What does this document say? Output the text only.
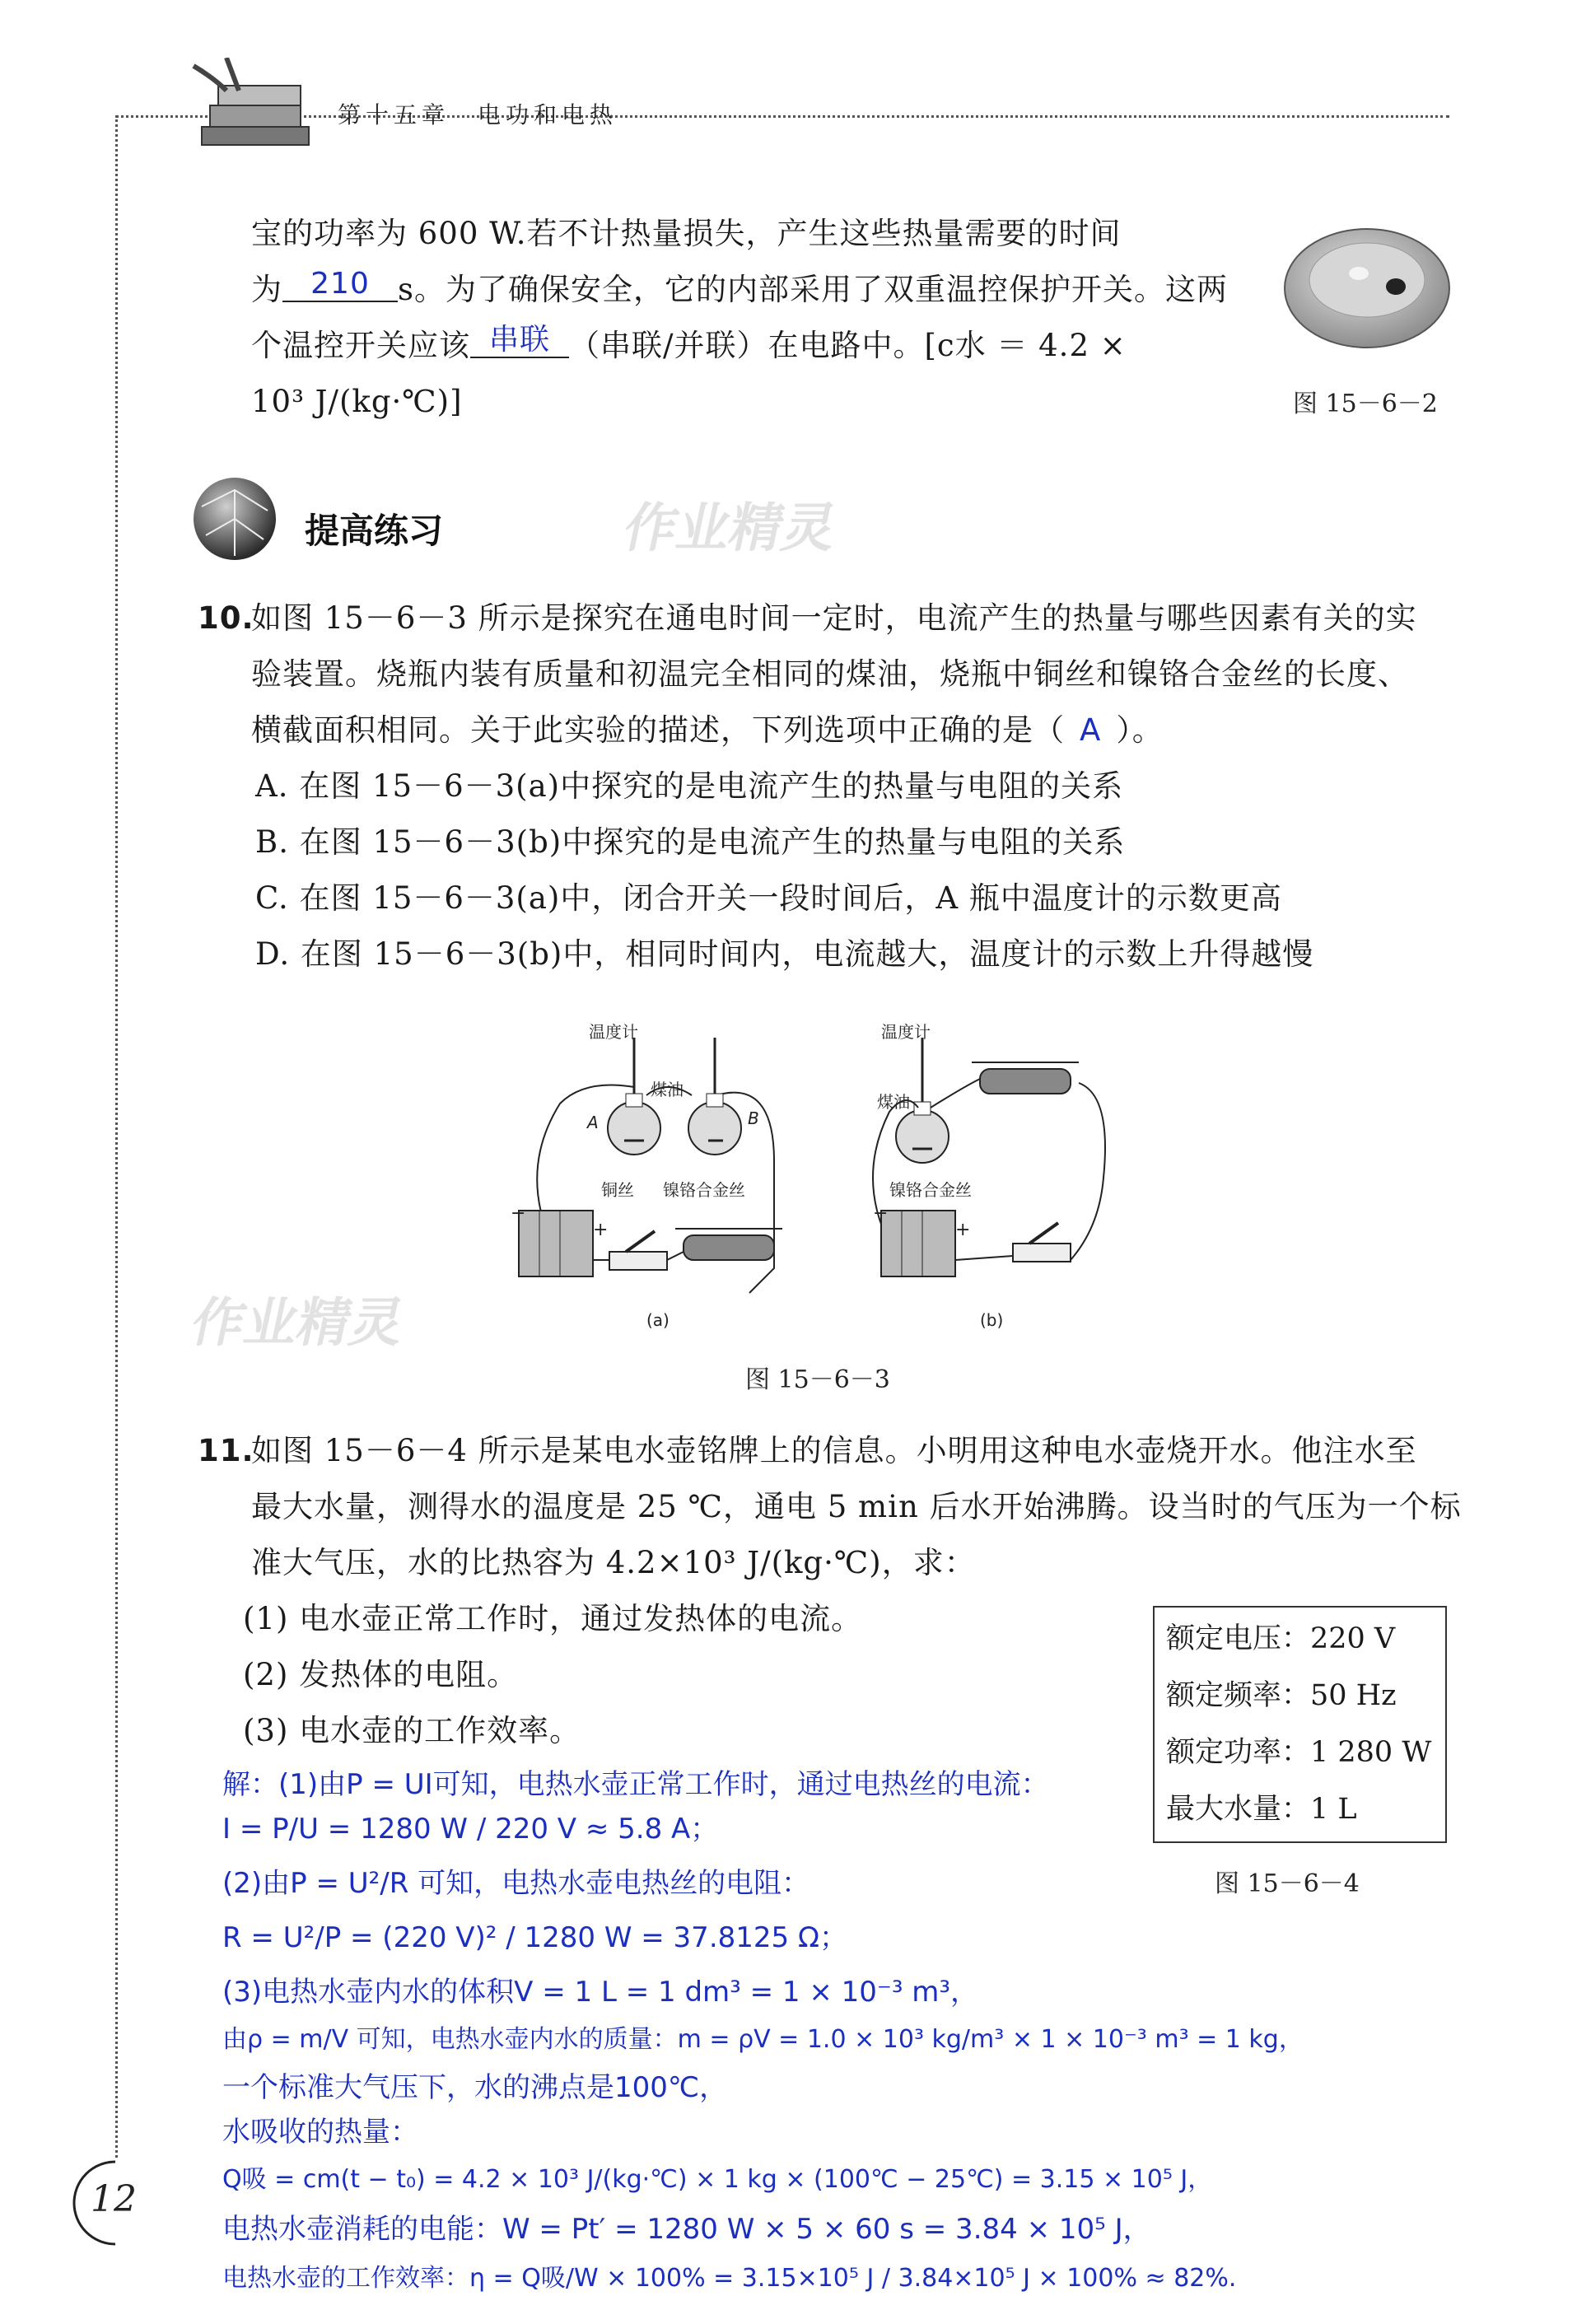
第十五章　电功和电热
宝的功率为 600 W.若不计热量损失，产生这些热量需要的时间
为 210 s。为了确保安全，它的内部采用了双重温控保护开关。这两
个温控开关应该 串联 （串联/并联）在电路中。[c水 ＝ 4.2 ×
10³ J/(kg·℃)]	图 15－6－2
提高练习	作业精灵
10.
如图 15－6－3 所示是探究在通电时间一定时，电流产生的热量与哪些因素有关的实
验装置。烧瓶内装有质量和初温完全相同的煤油，烧瓶中铜丝和镍铬合金丝的长度、
横截面积相同。关于此实验的描述，下列选项中正确的是（ A ）。
A. 在图 15－6－3(a)中探究的是电流产生的热量与电阻的关系
B. 在图 15－6－3(b)中探究的是电流产生的热量与电阻的关系
C. 在图 15－6－3(a)中，闭合开关一段时间后，A 瓶中温度计的示数更高
D. 在图 15－6－3(b)中，相同时间内，电流越大，温度计的示数上升得越慢
温度计
煤油
A	B
铜丝 镍铬合金丝
−
+
(a)
温度计
煤油
镍铬合金丝
−
+
(b)
图 15－6－3
作业精灵
11.
如图 15－6－4 所示是某电水壶铭牌上的信息。小明用这种电水壶烧开水。他注水至
最大水量，测得水的温度是 25 ℃，通电 5 min 后水开始沸腾。设当时的气压为一个标
准大气压，水的比热容为 4.2×10³ J/(kg·℃)，求：
(1) 电水壶正常工作时，通过发热体的电流。
(2) 发热体的电阻。
(3) 电水壶的工作效率。
额定电压：220 V
额定频率：50 Hz
额定功率：1 280 W
最大水量：1 L
图 15－6－4
解：(1)由P = UI可知，电热水壶正常工作时，通过电热丝的电流：
I = P/U = 1280 W / 220 V ≈ 5.8 A；
(2)由P = U²/R 可知，电热水壶电热丝的电阻：
R = U²/P = (220 V)² / 1280 W = 37.8125 Ω；
(3)电热水壶内水的体积V = 1 L = 1 dm³ = 1 × 10⁻³ m³，
由ρ = m/V 可知，电热水壶内水的质量：m = ρV = 1.0 × 10³ kg/m³ × 1 × 10⁻³ m³ = 1 kg，
一个标准大气压下，水的沸点是100℃，
水吸收的热量：
Q吸 = cm(t − t₀) = 4.2 × 10³ J/(kg·℃) × 1 kg × (100℃ − 25℃) = 3.15 × 10⁵ J，
电热水壶消耗的电能：W = Pt′ = 1280 W × 5 × 60 s = 3.84 × 10⁵ J，
电热水壶的工作效率：η = Q吸/W × 100% = 3.15×10⁵ J / 3.84×10⁵ J × 100% ≈ 82%.
12
